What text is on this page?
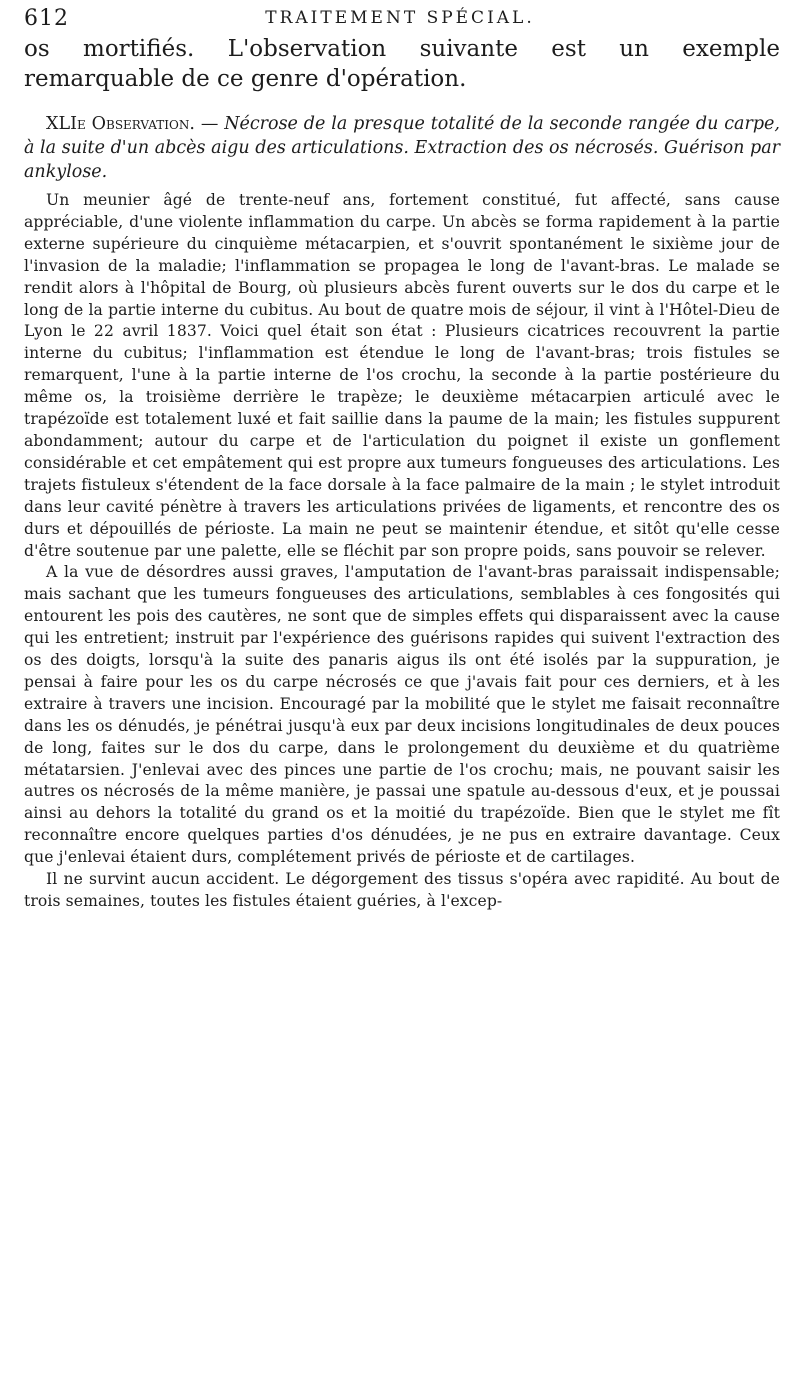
612	TRAITEMENT SPÉCIAL.

os mortifiés. L'observation suivante est un exemple remarquable de ce genre d'opération.

XLIe Observation. — Nécrose de la presque totalité de la seconde rangée du carpe, à la suite d'un abcès aigu des articulations. Extraction des os nécrosés. Guérison par ankylose.

Un meunier âgé de trente-neuf ans, fortement constitué, fut affecté, sans cause appréciable, d'une violente inflammation du carpe. Un abcès se forma rapidement à la partie externe supérieure du cinquième métacarpien, et s'ouvrit spontanément le sixième jour de l'invasion de la maladie; l'inflammation se propagea le long de l'avant-bras. Le malade se rendit alors à l'hôpital de Bourg, où plusieurs abcès furent ouverts sur le dos du carpe et le long de la partie interne du cubitus. Au bout de quatre mois de séjour, il vint à l'Hôtel-Dieu de Lyon le 22 avril 1837. Voici quel était son état : Plusieurs cicatrices recouvrent la partie interne du cubitus; l'inflammation est étendue le long de l'avant-bras; trois fistules se remarquent, l'une à la partie interne de l'os crochu, la seconde à la partie postérieure du même os, la troisième derrière le trapèze; le deuxième métacarpien articulé avec le trapézoïde est totalement luxé et fait saillie dans la paume de la main; les fistules suppurent abondamment; autour du carpe et de l'articulation du poignet il existe un gonflement considérable et cet empâtement qui est propre aux tumeurs fongueuses des articulations. Les trajets fistuleux s'étendent de la face dorsale à la face palmaire de la main ; le stylet introduit dans leur cavité pénètre à travers les articulations privées de ligaments, et rencontre des os durs et dépouillés de périoste. La main ne peut se maintenir étendue, et sitôt qu'elle cesse d'être soutenue par une palette, elle se fléchit par son propre poids, sans pouvoir se relever.

A la vue de désordres aussi graves, l'amputation de l'avant-bras paraissait indispensable; mais sachant que les tumeurs fongueuses des articulations, semblables à ces fongosités qui entourent les pois des cautères, ne sont que de simples effets qui disparaissent avec la cause qui les entretient; instruit par l'expérience des guérisons rapides qui suivent l'extraction des os des doigts, lorsqu'à la suite des panaris aigus ils ont été isolés par la suppuration, je pensai à faire pour les os du carpe nécrosés ce que j'avais fait pour ces derniers, et à les extraire à travers une incision. Encouragé par la mobilité que le stylet me faisait reconnaître dans les os dénudés, je pénétrai jusqu'à eux par deux incisions longitudinales de deux pouces de long, faites sur le dos du carpe, dans le prolongement du deuxième et du quatrième métatarsien. J'enlevai avec des pinces une partie de l'os crochu; mais, ne pouvant saisir les autres os nécrosés de la même manière, je passai une spatule au-dessous d'eux, et je poussai ainsi au dehors la totalité du grand os et la moitié du trapézoïde. Bien que le stylet me fît reconnaître encore quelques parties d'os dénudées, je ne pus en extraire davantage. Ceux que j'enlevai étaient durs, complétement privés de périoste et de cartilages.

Il ne survint aucun accident. Le dégorgement des tissus s'opéra avec rapidité. Au bout de trois semaines, toutes les fistules étaient guéries, à l'excep-
